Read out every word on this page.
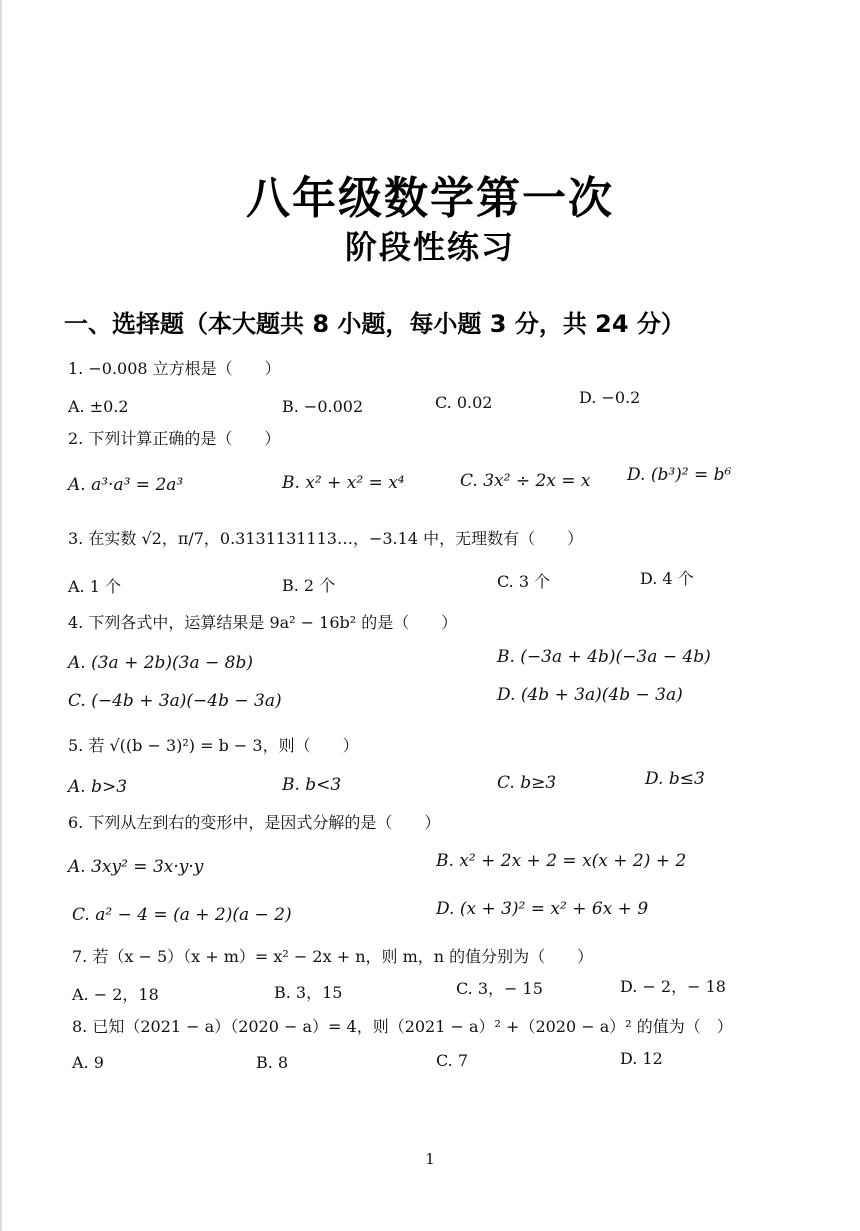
八年级数学第一次
阶段性练习
一、选择题（本大题共 8 小题，每小题 3 分，共 24 分）
1. −0.008 立方根是（　　）
A. ±0.2	B. −0.002	C. 0.02	D. −0.2
2. 下列计算正确的是（　　）
A. a³·a³ = 2a³	B. x² + x² = x⁴	C. 3x² ÷ 2x = x D. (b³)² = b⁶
3. 在实数 √2，π/7，0.3131131113…，−3.14 中，无理数有（　　）
A. 1 个	B. 2 个	C. 3 个	D. 4 个
4. 下列各式中，运算结果是 9a² − 16b² 的是（　　）
A. (3a + 2b)(3a − 8b)	B. (−3a + 4b)(−3a − 4b)
C. (−4b + 3a)(−4b − 3a)	D. (4b + 3a)(4b − 3a)
5. 若 √((b − 3)²) = b − 3，则（　　）
A. b>3	B. b<3	C. b≥3	D. b≤3
6. 下列从左到右的变形中，是因式分解的是（　　）
A. 3xy² = 3x·y·y	B. x² + 2x + 2 = x(x + 2) + 2
C. a² − 4 = (a + 2)(a − 2)	D. (x + 3)² = x² + 6x + 9
7. 若（x − 5）（x + m）= x² − 2x + n，则 m，n 的值分别为（　　）
A. − 2，18	B. 3，15	C. 3，− 15	D. − 2，− 18
8. 已知（2021 − a）（2020 − a）= 4，则（2021 − a）² +（2020 − a）² 的值为（　）
A. 9	B. 8	C. 7	D. 12
1
